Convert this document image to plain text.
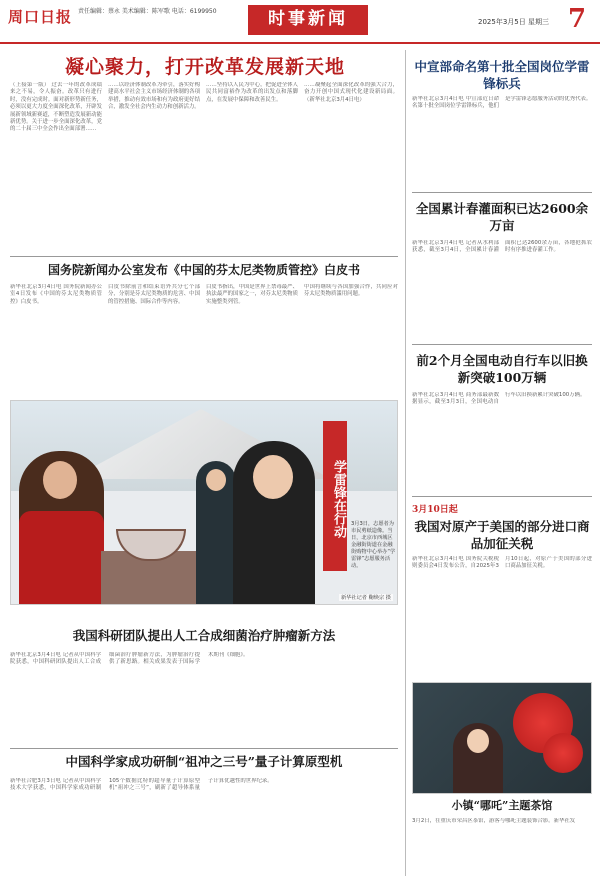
周口日报 责任编辑：蔡永 美术编辑：陈军歌 电话：6199950	时事新闻	2025年3月5日 星期三 7
凝心聚力，打开改革发展新天地
（上接第一版） 过去一年的改革成绩来之不易，令人振奋。改革只有进行时，没有完成时。面对新形势新任务，必须以更大力度全面深化改革，开辟发展新领域新赛道，不断塑造发展新动能新优势。关于进一步全面深化改革，党的二十届三中全会作出全面部署……
……以经济体制改革为牵引，落实好构建高水平社会主义市场经济体制的各项举措，推动有效市场和有为政府更好结合，激发全社会内生动力和创新活力。
……坚持以人民为中心，把促进全体人民共同富裕作为改革的出发点和落脚点，在发展中保障和改善民生。
……凝聚起全面深化改革的强大合力，奋力开创中国式现代化建设新局面。（新华社北京3月4日电）
国务院新闻办公室发布《中国的芬太尼类物质管控》白皮书
新华社北京3月4日电 国务院新闻办公室4日发布《中国的芬太尼类物质管控》白皮书。
白皮书除前言和结束语外共分七个部分，分别是芬太尼类物质的危害、中国的管控措施、国际合作等内容。
白皮书指出，中国是世界上禁毒最严、执法最严的国家之一，对芬太尼类物质实施整类列管。
中国将继续与各国加强合作，共同应对芬太尼类物质滥用问题。
学雷锋在行动 3月3日，志愿者为市民剪纸造像。当日，北京市西城区金融街街道在金融街购物中心举办“学雷锋”志愿服务活动。
新华社记者 鞠焕宗 摄
我国科研团队提出人工合成细菌治疗肿瘤新方法
新华社北京3月4日电 记者从中国科学院获悉，中国科研团队提出人工合成细菌治疗肿瘤新方法，为肿瘤治疗提供了新思路。相关成果发表于国际学术期刊《细胞》。
中国科学家成功研制“祖冲之三号”量子计算原型机
新华社合肥3月3日电 记者从中国科学技术大学获悉，中国科学家成功研制105个数据比特的超导量子计算原型机“祖冲之三号”，刷新了超导体系量子计算优越性的世界纪录。
中宣部命名第十批全国岗位学雷锋标兵
新华社北京3月4日电 中宣部近日命名第十批全国岗位学雷锋标兵，他们是学雷锋志愿服务活动的优秀代表。
全国累计春灌面积已达2600余万亩
新华社北京3月4日电 记者从水利部获悉，截至3月4日，全国累计春灌面积已达2600余万亩，各地抢抓农时有序推进春灌工作。
前2个月全国电动自行车以旧换新突破100万辆
新华社北京3月4日电 商务部最新数据显示，截至3月3日，全国电动自行车以旧换新累计突破100万辆。
3月10日起
我国对原产于美国的部分进口商品加征关税
新华社北京3月4日电 国务院关税税则委员会4日发布公告，自2025年3月10日起，对原产于美国的部分进口商品加征关税。
小镇“哪吒”主题茶馆
3月2日，在重庆市荣昌区茶馆，游客与哪吒主题装饰合影。新华社发
